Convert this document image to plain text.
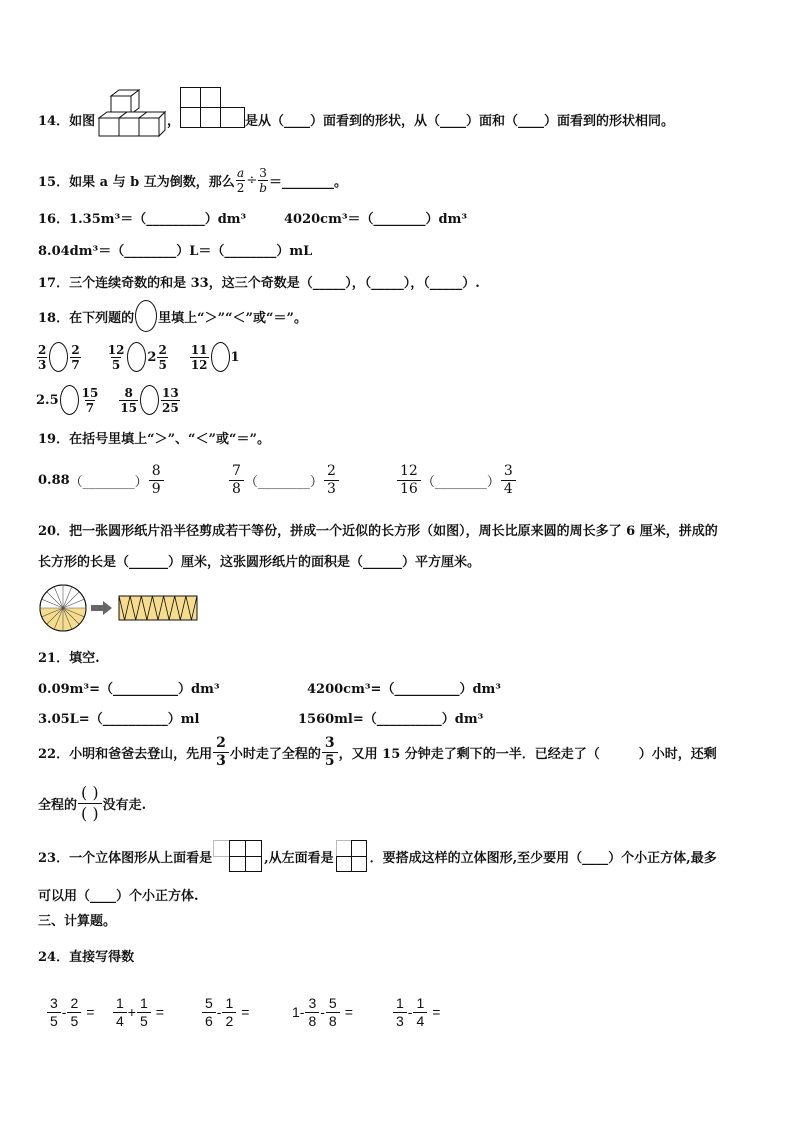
14．如图	，	是从（____）面看到的形状，从（____）面和（____）面看到的形状相同。
15． 如果 a 与 b 互为倒数，那么 $\frac{a}{2} \div \frac{3}{b}$ ＝________。
16．1.35m³＝（_________）dm³	4020cm³＝（________）dm³
8.04dm³＝（________）L＝（________）mL
17．三个连续奇数的和是 33，这三个奇数是（_____），（_____），（_____）.
18． 在下列题的 里填上“＞”“＜”或“＝”。
$\frac{2}{3} \frac{2}{7} \frac{12}{5} 2 \frac{2}{5} \frac{11}{12} 1$
$2.5 \frac{15}{7} \frac{8}{15} \frac{13}{25}$
19．在括号里填上“＞”、“＜”或“＝”。
0.88 （________） $\frac{8}{9}$	$\frac{7}{8}$ （________） $\frac{2}{3}$	$\frac{12}{16}$ （________） $\frac{3}{4}$
20．把一张圆形纸片沿半径剪成若干等份，拼成一个近似的长方形（如图），周长比原来圆的周长多了 6 厘米，拼成的
长方形的长是（______）厘米，这张圆形纸片的面积是（______）平方厘米。
21．填空.
0.09m³=（__________）dm³	4200cm³=（__________）dm³
3.05L=（__________）ml	1560ml=（__________）dm³
22． 小明和爸爸去登山，先用 $\frac{2}{3}$ 小时走了全程的 $\frac{3}{5}$ ，又用 15 分钟走了剩下的一半．已经走了（　　　）小时，还剩
全程的 $\frac{( )}{( )}$ 没有走.
23． 一个立体图形从上面看是	,从左面看是	．要搭成这样的立体图形,至少要用（____）个小正方体,最多
可以用（____）个小正方体.
三、计算题。
24．直接写得数
$\frac{3}{5} - \frac{2}{5} = \frac{1}{4} + \frac{1}{5}$ =	$\frac{5}{6} - \frac{1}{2}$ =	$1- \frac{3}{8} - \frac{5}{8}$ =	$\frac{1}{3} - \frac{1}{4}$ =
